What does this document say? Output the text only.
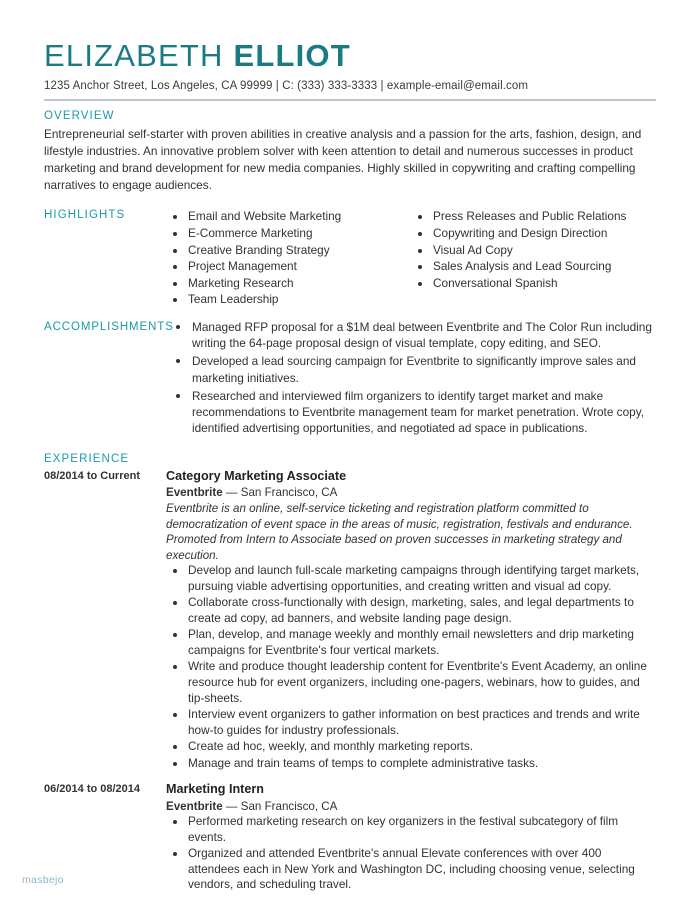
ELIZABETH ELLIOT
1235 Anchor Street, Los Angeles, CA 99999 | C: (333) 333-3333 | example-email@email.com
OVERVIEW
Entrepreneurial self-starter with proven abilities in creative analysis and a passion for the arts, fashion, design, and lifestyle industries. An innovative problem solver with keen attention to detail and numerous successes in product marketing and brand development for new media companies. Highly skilled in copywriting and crafting compelling narratives to engage audiences.
HIGHLIGHTS	Email and Website Marketing
E-Commerce Marketing
Creative Branding Strategy
Project Management
Marketing Research
Team Leadership
Press Releases and Public Relations
Copywriting and Design Direction
Visual Ad Copy
Sales Analysis and Lead Sourcing
Conversational Spanish
ACCOMPLISHMENTS	Managed RFP proposal for a $1M deal between Eventbrite and The Color Run including writing the 64-page proposal design of visual template, copy editing, and SEO.
Developed a lead sourcing campaign for Eventbrite to significantly improve sales and marketing initiatives.
Researched and interviewed film organizers to identify target market and make recommendations to Eventbrite management team for market penetration. Wrote copy, identified advertising opportunities, and negotiated ad space in publications.
EXPERIENCE
08/2014 to Current	Category Marketing Associate
Eventbrite — San Francisco, CA
Eventbrite is an online, self-service ticketing and registration platform committed to democratization of event space in the areas of music, registration, festivals and endurance. Promoted from Intern to Associate based on proven successes in marketing strategy and execution.
Develop and launch full-scale marketing campaigns through identifying target markets, pursuing viable advertising opportunities, and creating written and visual ad copy.
Collaborate cross-functionally with design, marketing, sales, and legal departments to create ad copy, ad banners, and website landing page design.
Plan, develop, and manage weekly and monthly email newsletters and drip marketing campaigns for Eventbrite's four vertical markets.
Write and produce thought leadership content for Eventbrite's Event Academy, an online resource hub for event organizers, including one-pagers, webinars, how to guides, and tip-sheets.
Interview event organizers to gather information on best practices and trends and write how-to guides for industry professionals.
Create ad hoc, weekly, and monthly marketing reports.
Manage and train teams of temps to complete administrative tasks.
06/2014 to 08/2014	Marketing Intern
Eventbrite — San Francisco, CA
Performed marketing research on key organizers in the festival subcategory of film events.
Organized and attended Eventbrite's annual Elevate conferences with over 400 attendees each in New York and Washington DC, including choosing venue, selecting vendors, and scheduling travel.
masbejo
